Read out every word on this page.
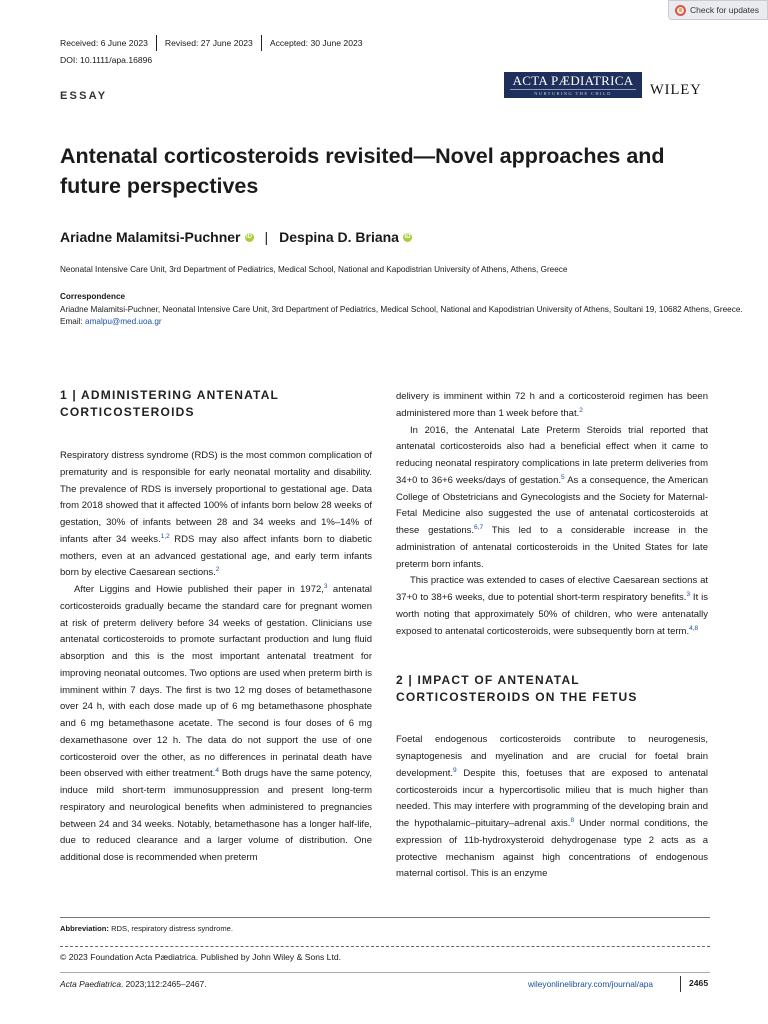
Check for updates
Received: 6 June 2023	Revised: 27 June 2023	Accepted: 30 June 2023
DOI: 10.1111/apa.16896
ACTA PÆDIATRICA
NURTURING THE CHILD	WILEY
ESSAY
Antenatal corticosteroids revisited—Novel approaches and future perspectives
Ariadne Malamitsi-Puchner iD | Despina D. Briana iD
Neonatal Intensive Care Unit, 3rd Department of Pediatrics, Medical School, National and Kapodistrian University of Athens, Athens, Greece
Correspondence
Ariadne Malamitsi-Puchner, Neonatal Intensive Care Unit, 3rd Department of Pediatrics, Medical School, National and Kapodistrian University of Athens, Soultani 19, 10682 Athens, Greece.
Email: amalpu@med.uoa.gr
1 | ADMINISTERING ANTENATAL CORTICOSTEROIDS

Respiratory distress syndrome (RDS) is the most common complication of prematurity and is responsible for early neonatal mortality and disability. The prevalence of RDS is inversely proportional to gestational age. Data from 2018 showed that it affected 100% of infants born below 28 weeks of gestation, 30% of infants between 28 and 34 weeks and 1%–14% of infants after 34 weeks.$^{1,2}$ RDS may also affect infants born to diabetic mothers, even at an advanced gestational age, and early term infants born by elective Caesarean sections.$^2$

After Liggins and Howie published their paper in 1972,$^3$ antenatal corticosteroids gradually became the standard care for pregnant women at risk of preterm delivery before 34 weeks of gestation. Clinicians use antenatal corticosteroids to promote surfactant production and lung fluid absorption and this is the most important antenatal treatment for improving neonatal outcomes. Two options are used when preterm birth is imminent within 7 days. The first is two 12 mg doses of betamethasone over 24 h, with each dose made up of 6 mg betamethasone phosphate and 6 mg betamethasone acetate. The second is four doses of 6 mg dexamethasone over 12 h. The data do not support the use of one corticosteroid over the other, as no differences in perinatal death have been observed with either treatment.$^4$ Both drugs have the same potency, induce mild short-term immunosuppression and present long-term respiratory and neurological benefits when administered to pregnancies between 24 and 34 weeks. Notably, betamethasone has a longer half-life, due to reduced clearance and a larger volume of distribution. One additional dose is recommended when preterm

delivery is imminent within 72 h and a corticosteroid regimen has been administered more than 1 week before that.$^2$

In 2016, the Antenatal Late Preterm Steroids trial reported that antenatal corticosteroids also had a beneficial effect when it came to reducing neonatal respiratory complications in late preterm deliveries from 34+0 to 36+6 weeks/days of gestation.$^5$ As a consequence, the American College of Obstetricians and Gynecologists and the Society for Maternal-Fetal Medicine also suggested the use of antenatal corticosteroids at these gestations.$^{6,7}$ This led to a considerable increase in the administration of antenatal corticosteroids in the United States for late preterm born infants.

This practice was extended to cases of elective Caesarean sections at 37+0 to 38+6 weeks, due to potential short-term respiratory benefits.$^3$ It is worth noting that approximately 50% of children, who were antenatally exposed to antenatal corticosteroids, were subsequently born at term.$^{4,8}$

2 | IMPACT OF ANTENATAL CORTICOSTEROIDS ON THE FETUS

Foetal endogenous corticosteroids contribute to neurogenesis, synaptogenesis and myelination and are crucial for foetal brain development.$^9$ Despite this, foetuses that are exposed to antenatal corticosteroids incur a hypercortisolic milieu that is much higher than needed. This may interfere with programming of the developing brain and the hypothalamic–pituitary–adrenal axis.$^8$ Under normal conditions, the expression of 11b-hydroxysteroid dehydrogenase type 2 acts as a protective mechanism against high concentrations of endogenous maternal cortisol. This is an enzyme

Abbreviation: RDS, respiratory distress syndrome.
© 2023 Foundation Acta Pædiatrica. Published by John Wiley & Sons Ltd.
Acta Paediatrica. 2023;112:2465–2467.	wileyonlinelibrary.com/journal/apa	2465
